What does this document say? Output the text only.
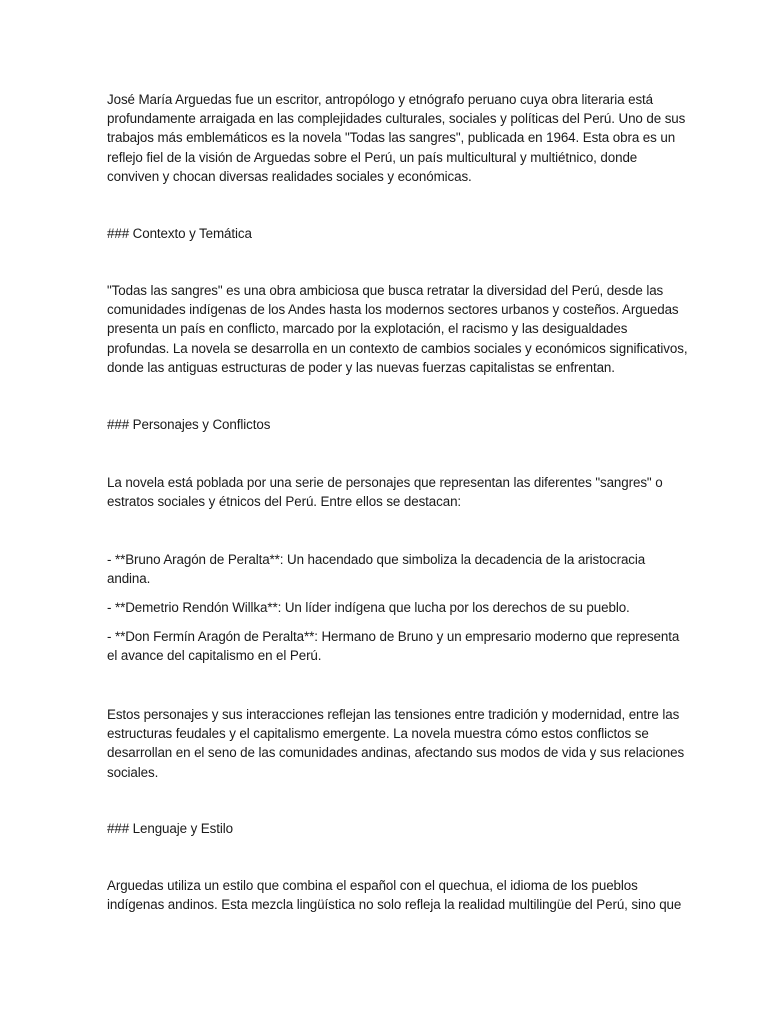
José María Arguedas fue un escritor, antropólogo y etnógrafo peruano cuya obra literaria está
profundamente arraigada en las complejidades culturales, sociales y políticas del Perú. Uno de sus
trabajos más emblemáticos es la novela "Todas las sangres", publicada en 1964. Esta obra es un
reflejo fiel de la visión de Arguedas sobre el Perú, un país multicultural y multiétnico, donde
conviven y chocan diversas realidades sociales y económicas.

### Contexto y Temática

"Todas las sangres" es una obra ambiciosa que busca retratar la diversidad del Perú, desde las
comunidades indígenas de los Andes hasta los modernos sectores urbanos y costeños. Arguedas
presenta un país en conflicto, marcado por la explotación, el racismo y las desigualdades
profundas. La novela se desarrolla en un contexto de cambios sociales y económicos significativos,
donde las antiguas estructuras de poder y las nuevas fuerzas capitalistas se enfrentan.

### Personajes y Conflictos

La novela está poblada por una serie de personajes que representan las diferentes "sangres" o
estratos sociales y étnicos del Perú. Entre ellos se destacan:

- **Bruno Aragón de Peralta**: Un hacendado que simboliza la decadencia de la aristocracia
andina.

- **Demetrio Rendón Willka**: Un líder indígena que lucha por los derechos de su pueblo.

- **Don Fermín Aragón de Peralta**: Hermano de Bruno y un empresario moderno que representa
el avance del capitalismo en el Perú.

Estos personajes y sus interacciones reflejan las tensiones entre tradición y modernidad, entre las
estructuras feudales y el capitalismo emergente. La novela muestra cómo estos conflictos se
desarrollan en el seno de las comunidades andinas, afectando sus modos de vida y sus relaciones
sociales.

### Lenguaje y Estilo

Arguedas utiliza un estilo que combina el español con el quechua, el idioma de los pueblos
indígenas andinos. Esta mezcla lingüística no solo refleja la realidad multilingüe del Perú, sino que
